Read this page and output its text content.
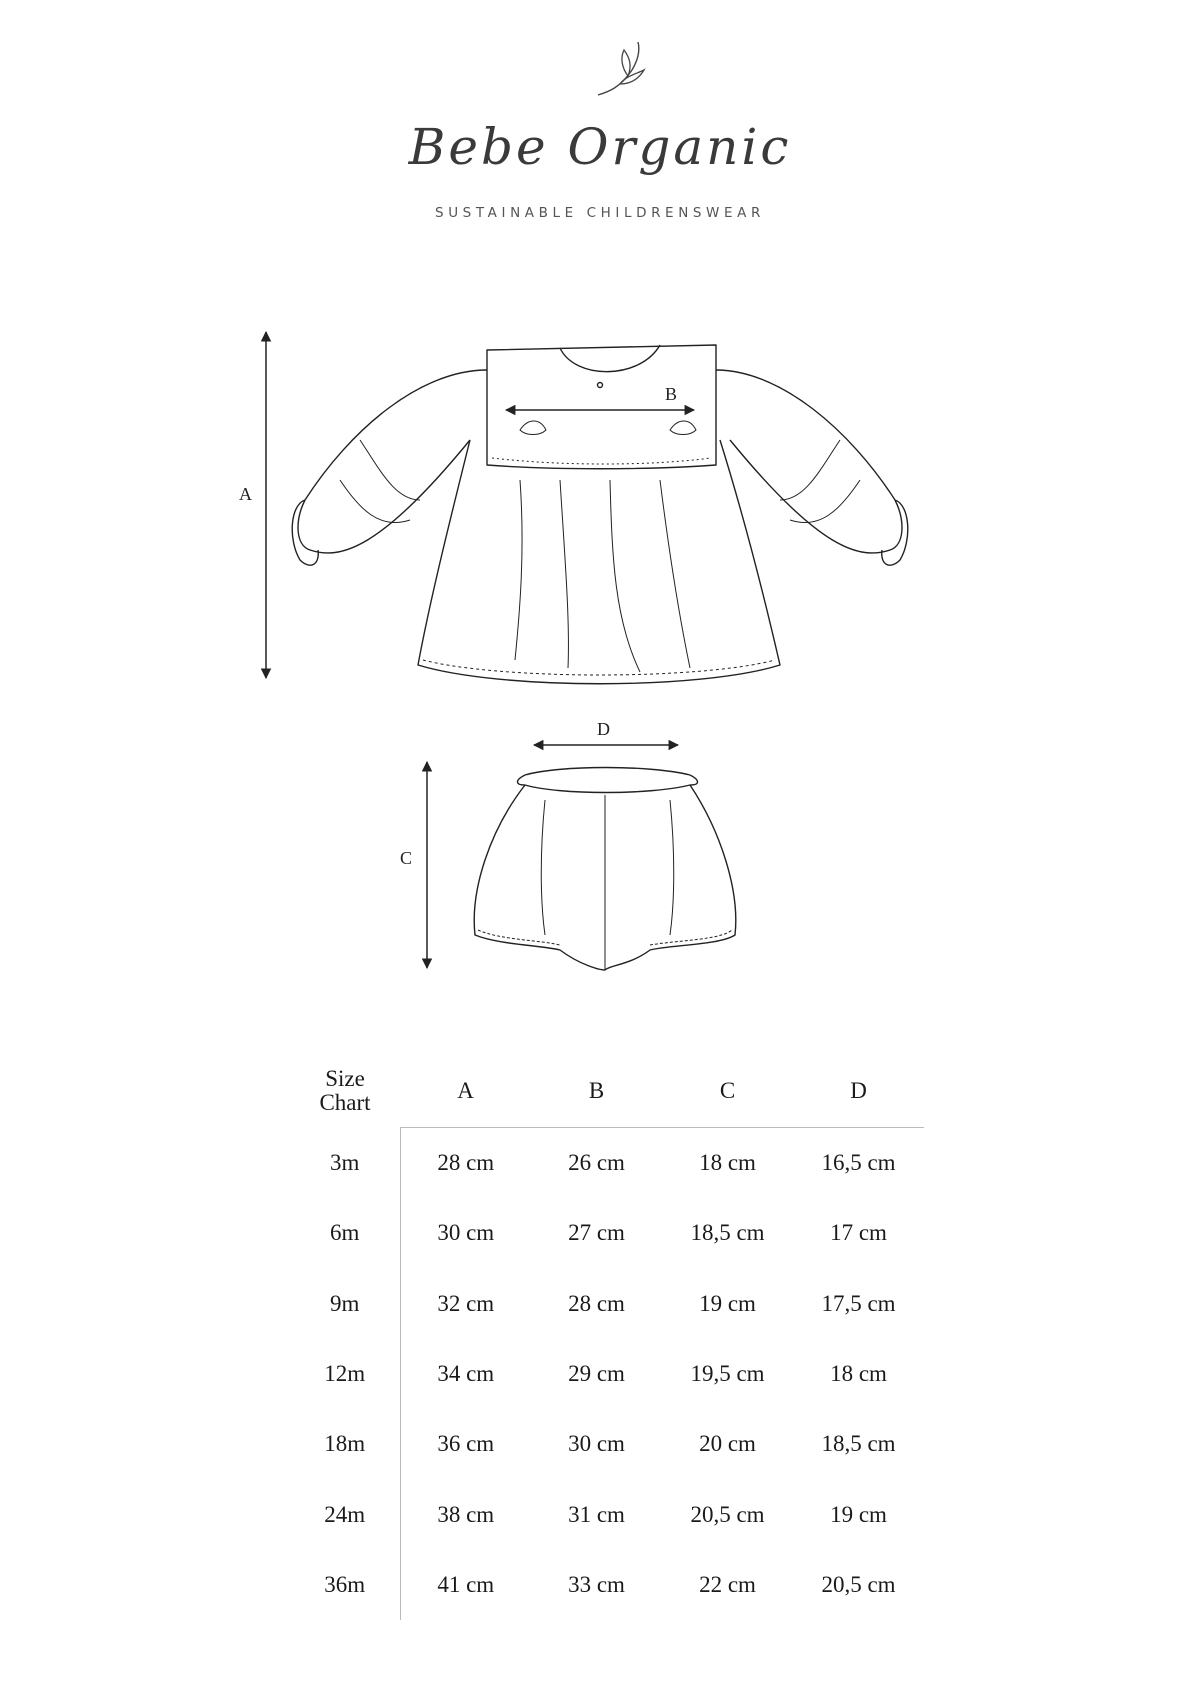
Bebe Organic
SUSTAINABLE CHILDRENSWEAR
A
B
D
C
Size
Chart	A	B	C	D
3m	28 cm	26 cm	18 cm	16,5 cm
6m	30 cm	27 cm	18,5 cm	17 cm
9m	32 cm	28 cm	19 cm	17,5 cm
12m	34 cm	29 cm	19,5 cm	18 cm
18m	36 cm	30 cm	20 cm	18,5 cm
24m	38 cm	31 cm	20,5 cm	19 cm
36m	41 cm	33 cm	22 cm	20,5 cm
